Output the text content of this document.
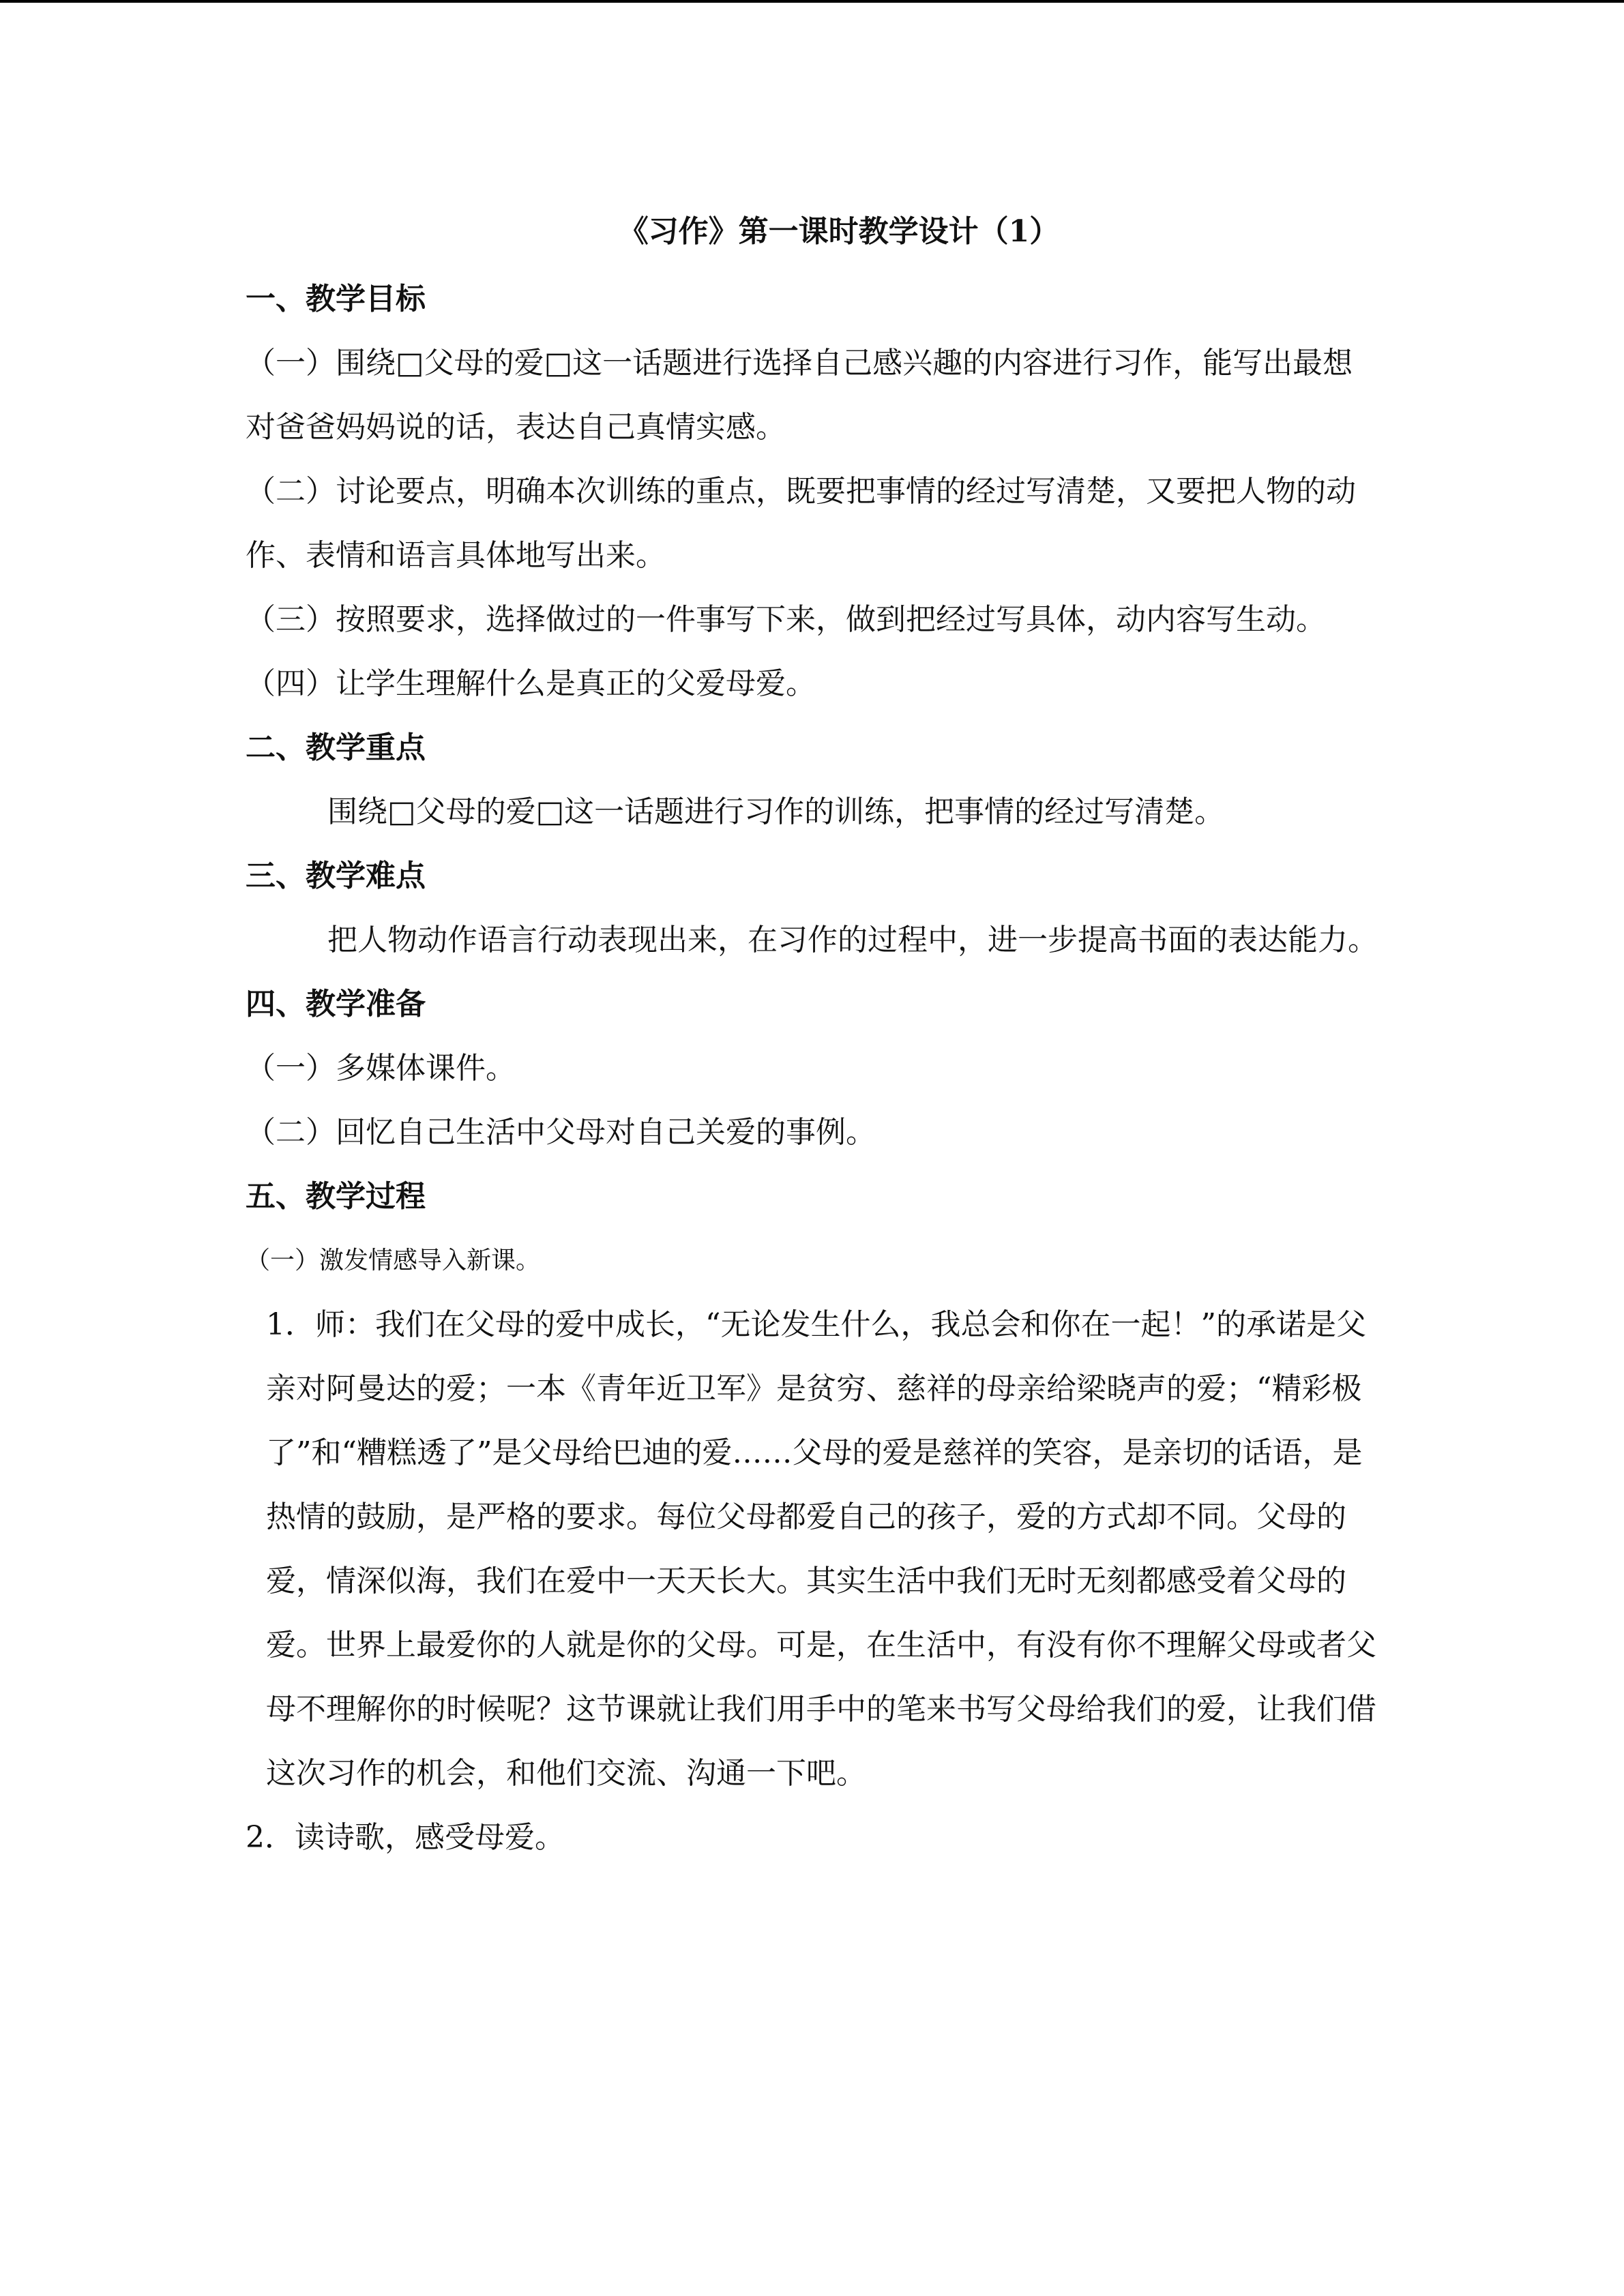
《习作》第一课时教学设计（1）
一、教学目标

（一）围绕□父母的爱□这一话题进行选择自己感兴趣的内容进行习作，能写出最想对爸爸妈妈说的话，表达自己真情实感。

（二）讨论要点，明确本次训练的重点，既要把事情的经过写清楚，又要把人物的动作、表情和语言具体地写出来。

（三）按照要求，选择做过的一件事写下来，做到把经过写具体，动内容写生动。

（四）让学生理解什么是真正的父爱母爱。

二、教学重点

围绕□父母的爱□这一话题进行习作的训练，把事情的经过写清楚。

三、教学难点

把人物动作语言行动表现出来，在习作的过程中，进一步提高书面的表达能力。

四、教学准备

（一）多媒体课件。

（二）回忆自己生活中父母对自己关爱的事例。

五、教学过程

（一）激发情感导入新课。

1．师：我们在父母的爱中成长，“无论发生什么，我总会和你在一起！”的承诺是父亲对阿曼达的爱；一本《青年近卫军》是贫穷、慈祥的母亲给梁晓声的爱；“精彩极了”和“糟糕透了”是父母给巴迪的爱……父母的爱是慈祥的笑容，是亲切的话语，是热情的鼓励，是严格的要求。每位父母都爱自己的孩子，爱的方式却不同。父母的爱，情深似海，我们在爱中一天天长大。其实生活中我们无时无刻都感受着父母的爱。世界上最爱你的人就是你的父母。可是，在生活中，有没有你不理解父母或者父母不理解你的时候呢？这节课就让我们用手中的笔来书写父母给我们的爱，让我们借这次习作的机会，和他们交流、沟通一下吧。

2．读诗歌，感受母爱。
